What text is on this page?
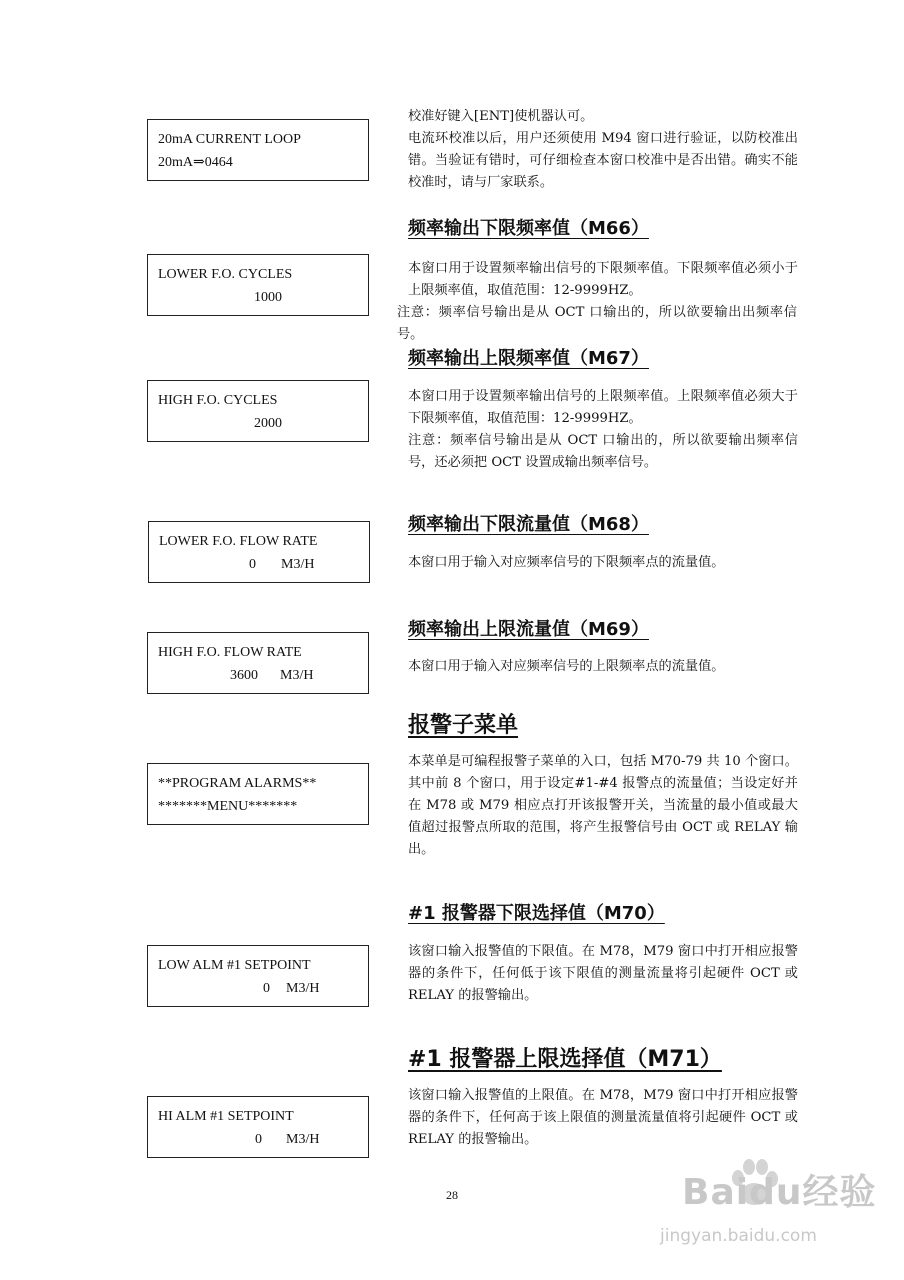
20mA CURRENT LOOP
20mA⇒0464
校准好键入[ENT]使机器认可。
电流环校准以后，用户还须使用 M94 窗口进行验证，以防校准出错。当验证有错时，可仔细检查本窗口校准中是否出错。确实不能校准时，请与厂家联系。
频率输出下限频率值（M66）
LOWER F.O. CYCLES
1000
本窗口用于设置频率输出信号的下限频率值。下限频率值必须小于上限频率值，取值范围：12-9999HZ。
注意：频率信号输出是从 OCT 口输出的，所以欲要输出出频率信号。
频率输出上限频率值（M67）
HIGH F.O. CYCLES
2000
本窗口用于设置频率输出信号的上限频率值。上限频率值必须大于下限频率值，取值范围：12-9999HZ。
注意：频率信号输出是从 OCT 口输出的，所以欲要输出频率信号，还必须把 OCT 设置成输出频率信号。
频率输出下限流量值（M68）
LOWER F.O. FLOW RATE
0 M3/H	本窗口用于输入对应频率信号的下限频率点的流量值。
频率输出上限流量值（M69）
HIGH F.O. FLOW RATE
3600 M3/H
本窗口用于输入对应频率信号的上限频率点的流量值。
报警子菜单
**PROGRAM ALARMS**
*******MENU*******
本菜单是可编程报警子菜单的入口，包括 M70-79 共 10 个窗口。其中前 8 个窗口，用于设定#1-#4 报警点的流量值；当设定好并在 M78 或 M79 相应点打开该报警开关，当流量的最小值或最大值超过报警点所取的范围，将产生报警信号由 OCT 或 RELAY 输出。
#1 报警器下限选择值（M70）
LOW ALM #1 SETPOINT
0 M3/H
该窗口输入报警值的下限值。在 M78，M79 窗口中打开相应报警器的条件下，任何低于该下限值的测量流量将引起硬件 OCT 或 RELAY 的报警输出。
#1 报警器上限选择值（M71）
HI ALM #1 SETPOINT
0 M3/H
该窗口输入报警值的上限值。在 M78，M79 窗口中打开相应报警器的条件下，任何高于该上限值的测量流量值将引起硬件 OCT 或 RELAY 的报警输出。
28	Baidu经验
jingyan.baidu.com
